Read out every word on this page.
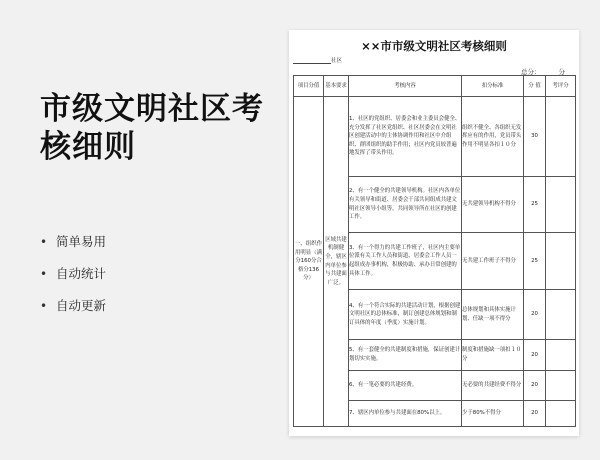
市级文明社区考核细则
• 简单易用
• 自动统计
• 自动更新
××市市级文明社区考核细则
社区
总分：	分
项目分值	基本要求	考核内容	扣分标准	分 值	考评分
一、组织作用明显（满分160分合格分136分）	区域共建机制健全，辖区内单位参与共建面广泛。	1、社区的党组织、居委会和业主委员会健全、充分发挥了社区党组织、社区居委会在文明社区创建活动中的主体协调作用和社区中介组织、群团组织的助手作用；社区内党员较普遍地发挥了带头作用。	组织不健全、各组织无发挥应有的作用，党员带头作用不明显各扣１０分	30	
		2、有一个健全的共建领导机构。社区内各单位有关领导和街道、居委会干部共同组成共建文明社区领导小组等，共同领导所在社区的创建工作。	无共建领导机构不得分	25	
		3、有一个得力的共建工作班子，社区内主要单位派有关工作人员和街道、居委会工作人员一起组成办事机构，积极协助、承办日常创建的具体工作。	无共建工作班子不得分	25	
		4、有一个符合实际的共建活动计划，根据创建文明社区的总体标准，制订创建总体规划和制订具体的年度（季度）实施计划。	总体规划和具体实施计划、任缺一项不得分	20	
		5、有一套健全的共建制度和措施，保证创建计划切实实施。	制度和措施缺一项扣１０分	20	
		6、有一笔必要的共建经费。	无必要的共建经费不得分	20	
		7、辖区内单位参与共建面在80%以上。	少于80%不得分	20	
